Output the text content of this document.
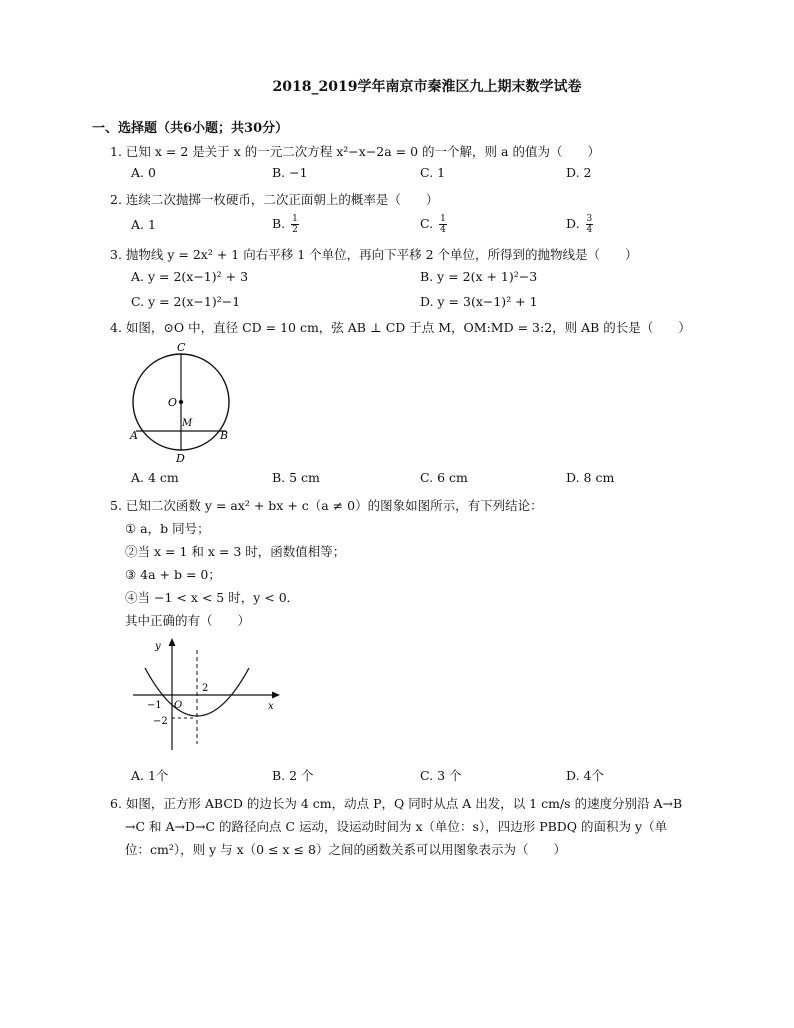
2018_2019学年南京市秦淮区九上期末数学试卷
一、选择题（共6小题；共30分）
1. 已知 x = 2 是关于 x 的一元二次方程 x²−x−2a = 0 的一个解，则 a 的值为（　　）
A. 0	B. −1	C. 1	D. 2
2. 连续二次抛掷一枚硬币，二次正面朝上的概率是（　　）
A. 1	B. $\frac{1}{2}$	C. $\frac{1}{4}$	D. $\frac{3}{4}$
3. 抛物线 y = 2x² + 1 向右平移 1 个单位，再向下平移 2 个单位，所得到的抛物线是（　　）
A. y = 2(x−1)² + 3	B. y = 2(x + 1)²−3
C. y = 2(x−1)²−1	D. y = 3(x−1)² + 1
4. 如图，⊙O 中，直径 CD = 10 cm，弦 AB ⊥ CD 于点 M，OM:MD = 3:2，则 AB 的长是（　　）
C
O
M
A	B
D
A. 4 cm	B. 5 cm	C. 6 cm	D. 8 cm
5. 已知二次函数 y = ax² + bx + c（a ≠ 0）的图象如图所示，有下列结论：
① a，b 同号；
②当 x = 1 和 x = 3 时，函数值相等；
③ 4a + b = 0；
④当 −1 < x < 5 时，y < 0．
其中正确的有（　　）
y
x
2
−1 O
−2
A. 1个	B. 2 个	C. 3 个	D. 4个
6. 如图，正方形 ABCD 的边长为 4 cm，动点 P，Q 同时从点 A 出发，以 1 cm/s 的速度分别沿 A→B
→C 和 A→D→C 的路径向点 C 运动，设运动时间为 x（单位：s），四边形 PBDQ 的面积为 y（单
位：cm²），则 y 与 x（0 ≤ x ≤ 8）之间的函数关系可以用图象表示为（　　）
